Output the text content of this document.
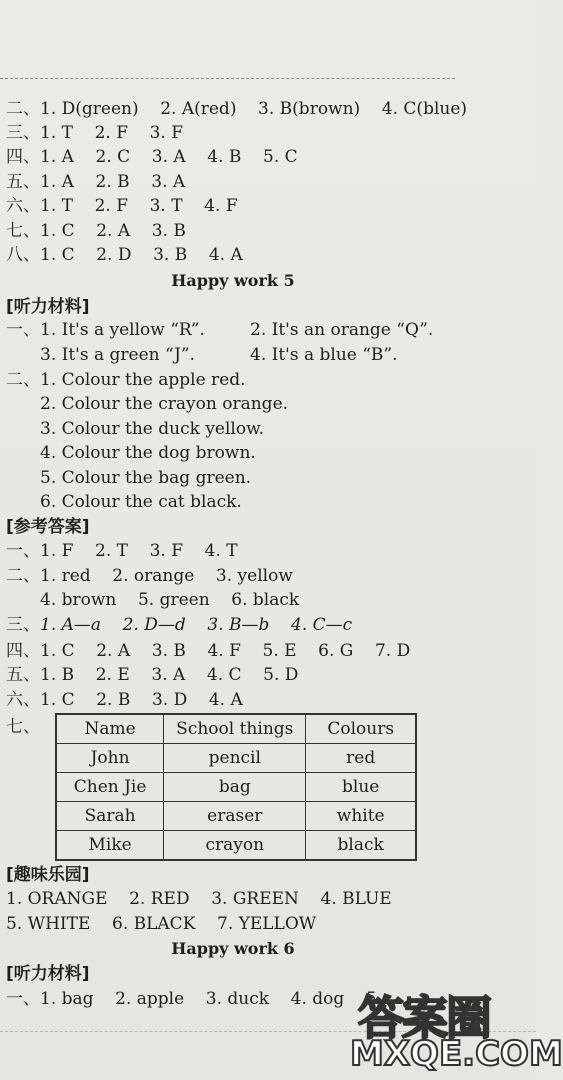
二、1. D(green)    2. A(red)    3. B(brown)    4. C(blue)
三、1. T    2. F    3. F
四、1. A    2. C    3. A    4. B    5. C
五、1. A    2. B    3. A
六、1. T    2. F    3. T    4. F
七、1. C    2. A    3. B
八、1. C    2. D    3. B    4. A
Happy work 5
[听力材料]
一、1. It's a yellow “R”.	2. It's an orange “Q”.
3. It's a green “J”.	4. It's a blue “B”.
二、1. Colour the apple red.
2. Colour the crayon orange.
3. Colour the duck yellow.
4. Colour the dog brown.
5. Colour the bag green.
6. Colour the cat black.
[参考答案]
一、1. F    2. T    3. F    4. T
二、1. red    2. orange    3. yellow
4. brown    5. green    6. black
三、1. A—a    2. D—d    3. B—b    4. C—c
四、1. C    2. A    3. B    4. F    5. E    6. G    7. D
五、1. B    2. E    3. A    4. C    5. D
六、1. C    2. B    3. D    4. A
七、	Name	School things	Colours
John	pencil	red
Chen Jie	bag	blue
Sarah	eraser	white
Mike	crayon	black
[趣味乐园]
1. ORANGE    2. RED    3. GREEN    4. BLUE
5. WHITE    6. BLACK    7. YELLOW
Happy work 6
[听力材料]
一、1. bag    2. apple    3. duck    4. dog    5.
答案圈
MXQE.COM
